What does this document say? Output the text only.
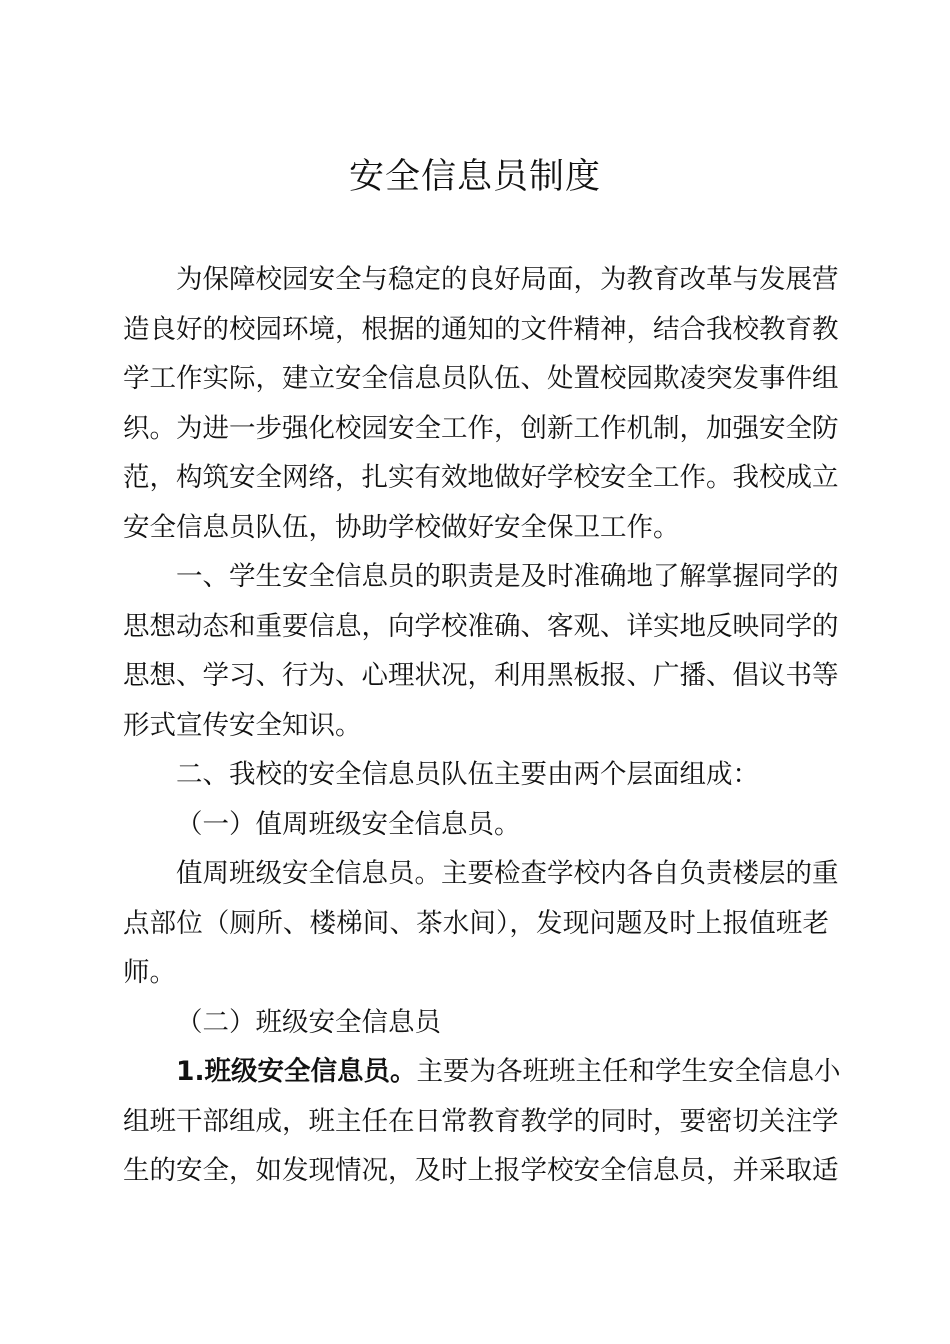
安全信息员制度
为保障校园安全与稳定的良好局面，为教育改革与发展营
造良好的校园环境，根据的通知的文件精神，结合我校教育教
学工作实际，建立安全信息员队伍、处置校园欺凌突发事件组
织。为进一步强化校园安全工作，创新工作机制，加强安全防
范，构筑安全网络，扎实有效地做好学校安全工作。我校成立
安全信息员队伍，协助学校做好安全保卫工作。
一、学生安全信息员的职责是及时准确地了解掌握同学的
思想动态和重要信息，向学校准确、客观、详实地反映同学的
思想、学习、行为、心理状况，利用黑板报、广播、倡议书等
形式宣传安全知识。
二、我校的安全信息员队伍主要由两个层面组成：
（一）值周班级安全信息员。
值周班级安全信息员。主要检查学校内各自负责楼层的重
点部位（厕所、楼梯间、茶水间），发现问题及时上报值班老
师。
（二）班级安全信息员
1.班级安全信息员。主要为各班班主任和学生安全信息小
组班干部组成，班主任在日常教育教学的同时，要密切关注学
生的安全，如发现情况，及时上报学校安全信息员，并采取适
